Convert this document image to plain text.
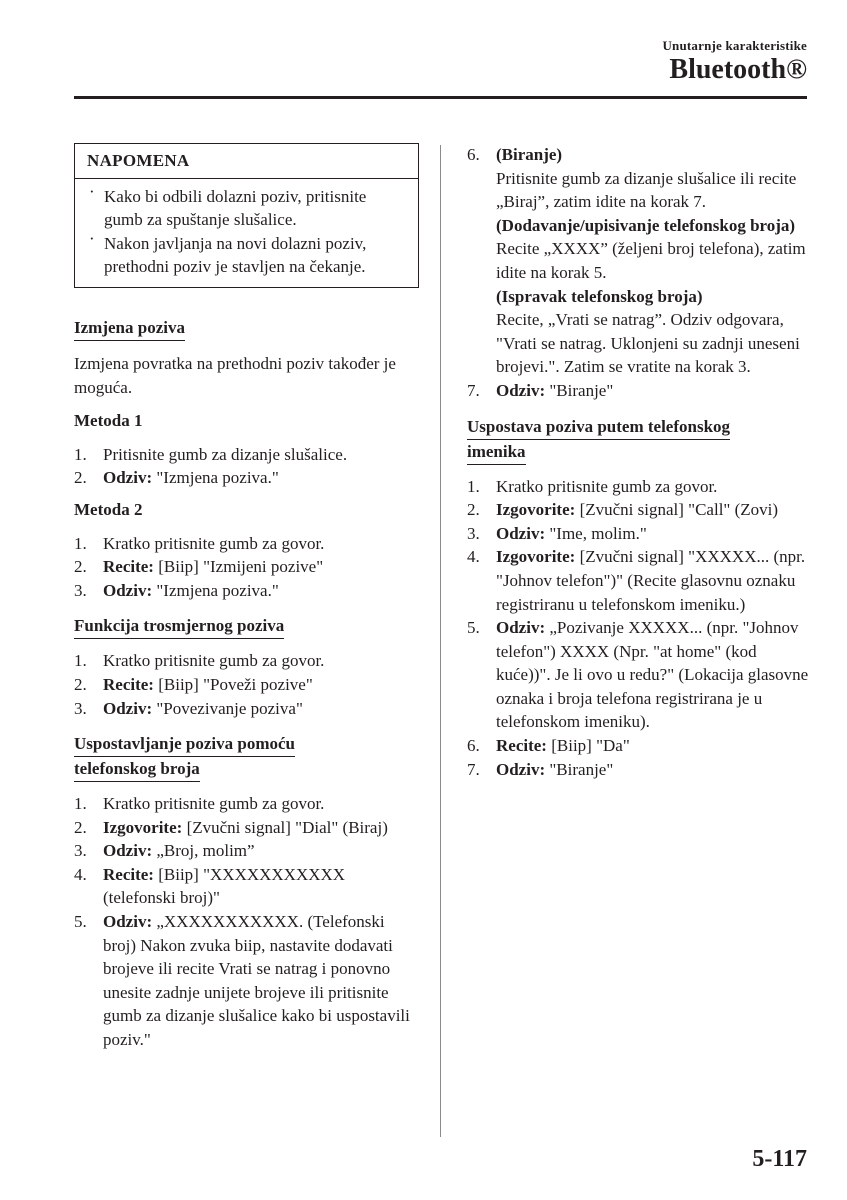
Unutarnje karakteristike
Bluetooth®
NAPOMENA
· Kako bi odbili dolazni poziv, pritisnite gumb za spuštanje slušalice.
· Nakon javljanja na novi dolazni poziv, prethodni poziv je stavljen na čekanje.
Izmjena poziva
Izmjena povratka na prethodni poziv također je moguća.
Metoda 1
1. Pritisnite gumb za dizanje slušalice.
2. Odziv: "Izmjena poziva."
Metoda 2
1. Kratko pritisnite gumb za govor.
2. Recite: [Biip] "Izmijeni pozive"
3. Odziv: "Izmjena poziva."
Funkcija trosmjernog poziva
1. Kratko pritisnite gumb za govor.
2. Recite: [Biip] "Poveži pozive"
3. Odziv: "Povezivanje poziva"
Uspostavljanje poziva pomoću
telefonskog broja
1. Kratko pritisnite gumb za govor.
2. Izgovorite: [Zvučni signal] "Dial" (Biraj)
3. Odziv: „Broj, molim”
4. Recite: [Biip] "XXXXXXXXXXX (telefonski broj)"
5. Odziv: „XXXXXXXXXXX. (Telefonski broj) Nakon zvuka biip, nastavite dodavati brojeve ili recite Vrati se natrag i ponovno unesite zadnje unijete brojeve ili pritisnite gumb za dizanje slušalice kako bi uspostavili poziv."
6. (Biranje)
Pritisnite gumb za dizanje slušalice ili recite „Biraj”, zatim idite na korak 7.
(Dodavanje/upisivanje telefonskog broja)
Recite „XXXX” (željeni broj telefona), zatim idite na korak 5.
(Ispravak telefonskog broja)
Recite, „Vrati se natrag”. Odziv odgovara, "Vrati se natrag. Uklonjeni su zadnji uneseni brojevi.". Zatim se vratite na korak 3.
7. Odziv: "Biranje"
Uspostava poziva putem telefonskog
imenika
1. Kratko pritisnite gumb za govor.
2. Izgovorite: [Zvučni signal] "Call" (Zovi)
3. Odziv: "Ime, molim."
4. Izgovorite: [Zvučni signal] "XXXXX... (npr. "Johnov telefon")" (Recite glasovnu oznaku registriranu u telefonskom imeniku.)
5. Odziv: „Pozivanje XXXXX... (npr. "Johnov telefon") XXXX (Npr. "at home" (kod kuće))". Je li ovo u redu?" (Lokacija glasovne oznaka i broja telefona registrirana je u telefonskom imeniku).
6. Recite: [Biip] "Da"
7. Odziv: "Biranje"
5-117
